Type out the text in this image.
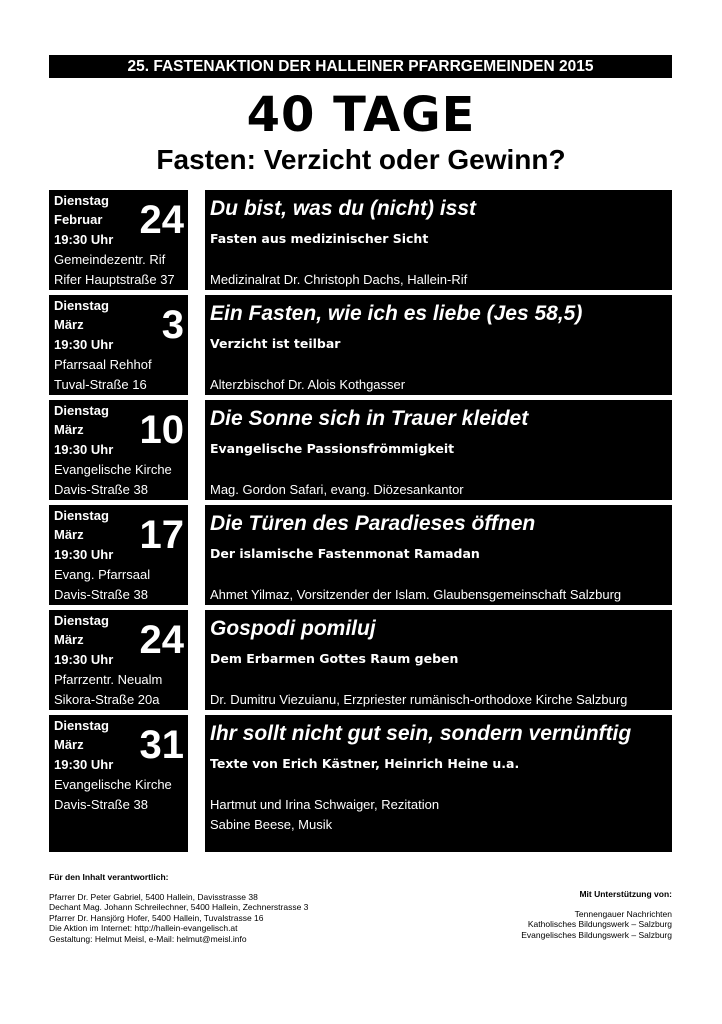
25. FASTENAKTION DER HALLEINER PFARRGEMEINDEN 2015
40 TAGE
Fasten: Verzicht oder Gewinn?
Dienstag
Februar
19:30 Uhr
Gemeindezentr. Rif
Rifer Hauptstraße 37
24 Du bist, was du (nicht) isst
Fasten aus medizinischer Sicht
Medizinalrat Dr. Christoph Dachs, Hallein-Rif
Dienstag
März
19:30 Uhr
Pfarrsaal Rehhof
Tuval-Straße 16
3 Ein Fasten, wie ich es liebe (Jes 58,5)
Verzicht ist teilbar
Alterzbischof Dr. Alois Kothgasser
Dienstag
März
19:30 Uhr
Evangelische Kirche
Davis-Straße 38
10 Die Sonne sich in Trauer kleidet
Evangelische Passionsfrömmigkeit
Mag. Gordon Safari, evang. Diözesankantor
Dienstag
März
19:30 Uhr
Evang. Pfarrsaal
Davis-Straße 38
17 Die Türen des Paradieses öffnen
Der islamische Fastenmonat Ramadan
Ahmet Yilmaz, Vorsitzender der Islam. Glaubensgemeinschaft Salzburg
Dienstag
März
19:30 Uhr
Pfarrzentr. Neualm
Sikora-Straße 20a
24 Gospodi pomiluj
Dem Erbarmen Gottes Raum geben
Dr. Dumitru Viezuianu, Erzpriester rumänisch-orthodoxe Kirche Salzburg
Dienstag
März
19:30 Uhr
Evangelische Kirche
Davis-Straße 38
31 Ihr sollt nicht gut sein, sondern vernünftig
Texte von Erich Kästner, Heinrich Heine u.a.
Hartmut und Irina Schwaiger, Rezitation
Sabine Beese, Musik
Für den Inhalt verantwortlich:
Pfarrer Dr. Peter Gabriel, 5400 Hallein, Davisstrasse 38
Dechant Mag. Johann Schreilechner, 5400 Hallein, Zechnerstrasse 3
Pfarrer Dr. Hansjörg Hofer, 5400 Hallein, Tuvalstrasse 16
Die Aktion im Internet: http://hallein-evangelisch.at
Gestaltung: Helmut Meisl, e-Mail: helmut@meisl.info
Mit Unterstützung von:
Tennengauer Nachrichten
Katholisches Bildungswerk – Salzburg
Evangelisches Bildungswerk – Salzburg
